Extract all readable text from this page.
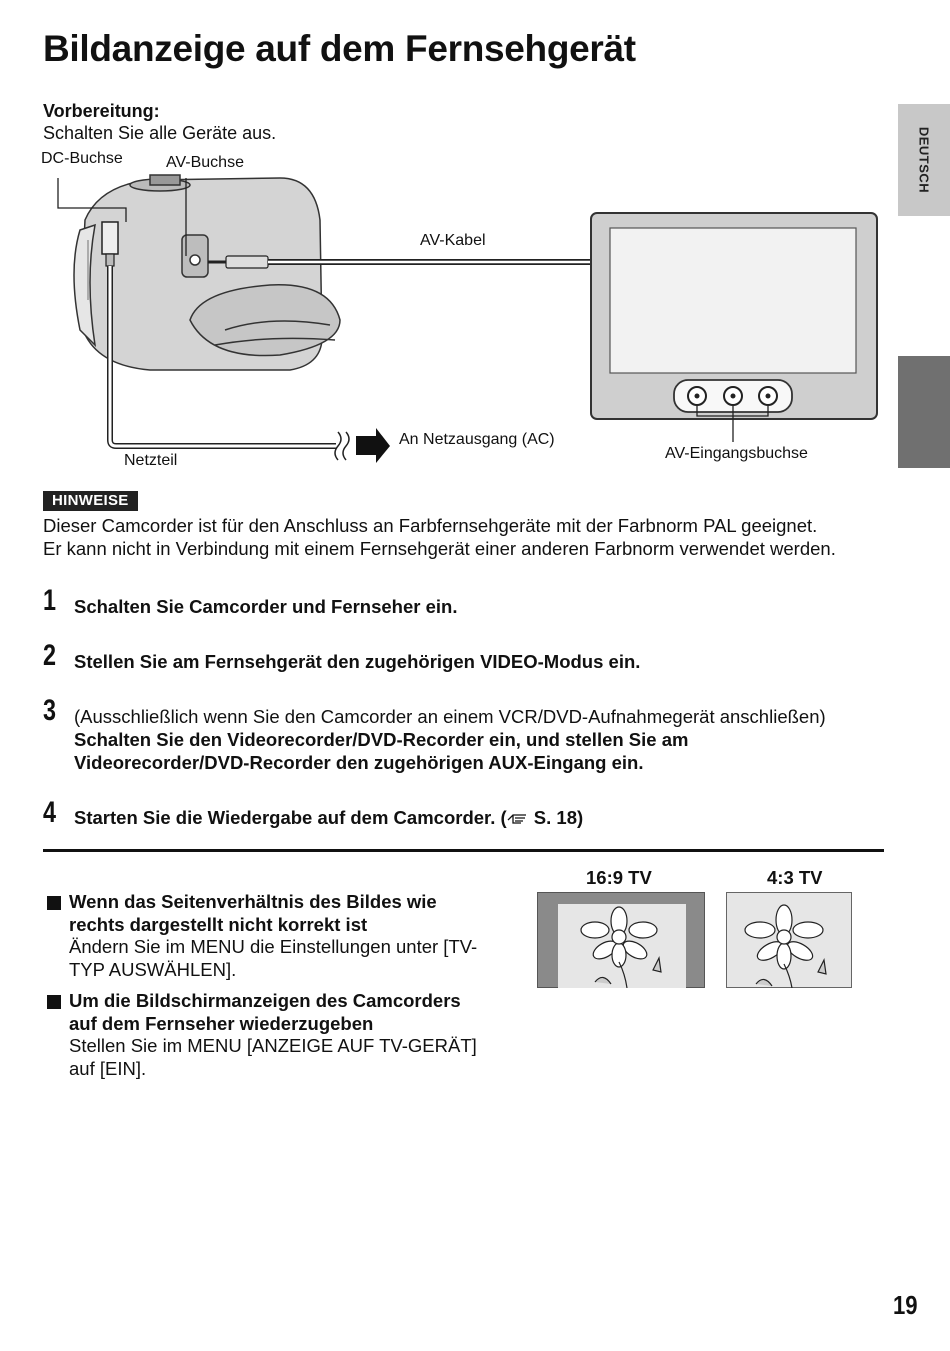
Bildanzeige auf dem Fernsehgerät
Vorbereitung:
Schalten Sie alle Geräte aus.	DEUTSCH
DC-Buchse	AV-Buchse
AV-Kabel
An Netzausgang (AC)
Netzteil	AV-Eingangsbuchse
HINWEISE
Dieser Camcorder ist für den Anschluss an Farbfernsehgeräte mit der Farbnorm PAL geeignet.
Er kann nicht in Verbindung mit einem Fernsehgerät einer anderen Farbnorm verwendet werden.
1 Schalten Sie Camcorder und Fernseher ein.
2 Stellen Sie am Fernsehgerät den zugehörigen VIDEO-Modus ein.
3 (Ausschließlich wenn Sie den Camcorder an einem VCR/DVD-Aufnahmegerät anschließen)
Schalten Sie den Videorecorder/DVD-Recorder ein, und stellen Sie am
Videorecorder/DVD-Recorder den zugehörigen AUX-Eingang ein.
4 Starten Sie die Wiedergabe auf dem Camcorder. ( S. 18)
Wenn das Seitenverhältnis des Bildes wie
rechts dargestellt nicht korrekt ist
Ändern Sie im MENU die Einstellungen unter [TV-
TYP AUSWÄHLEN].
Um die Bildschirmanzeigen des Camcorders
auf dem Fernseher wiederzugeben
Stellen Sie im MENU [ANZEIGE AUF TV-GERÄT]
auf [EIN].
16:9 TV	4:3 TV
19
